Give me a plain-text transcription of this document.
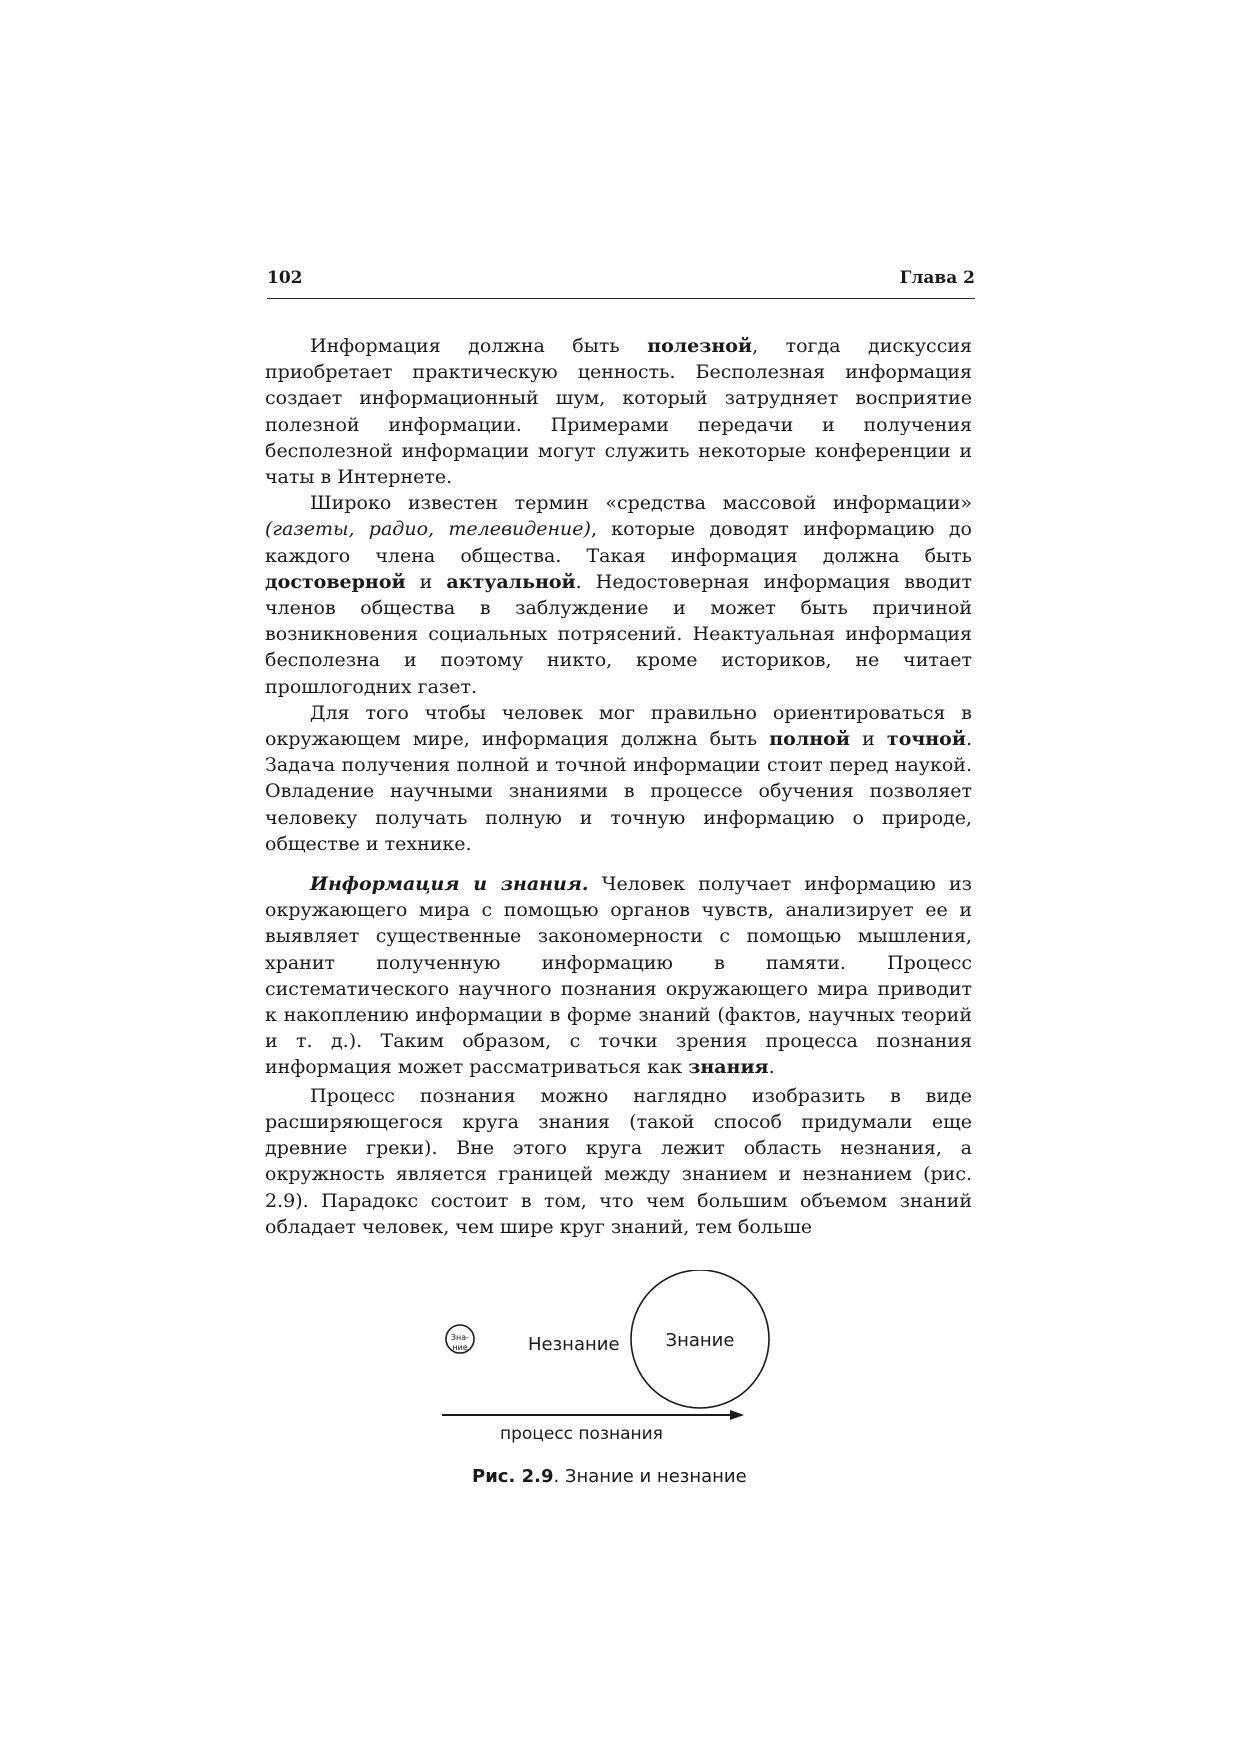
102	Глава 2

Информация должна быть полезной, тогда дискуссия приобретает практическую ценность. Бесполезная информация создает информационный шум, который затрудняет восприятие полезной информации. Примерами передачи и получения бесполезной информации могут служить некоторые конференции и чаты в Интернете.

Широко известен термин «средства массовой информации» (газеты, радио, телевидение), которые доводят информацию до каждого члена общества. Такая информация должна быть достоверной и актуальной. Недостоверная информация вводит членов общества в заблуждение и может быть причиной возникновения социальных потрясений. Неактуальная информация бесполезна и поэтому никто, кроме историков, не читает прошлогодних газет.

Для того чтобы человек мог правильно ориентироваться в окружающем мире, информация должна быть полной и точной. Задача получения полной и точной информации стоит перед наукой. Овладение научными знаниями в процессе обучения позволяет человеку получать полную и точную информацию о природе, обществе и технике.

Информация и знания. Человек получает информацию из окружающего мира с помощью органов чувств, анализирует ее и выявляет существенные закономерности с помощью мышления, хранит полученную информацию в памяти. Процесс систематического научного познания окружающего мира приводит к накоплению информации в форме знаний (фактов, научных теорий и т. д.). Таким образом, с точки зрения процесса познания информация может рассматриваться как знания.

Процесс познания можно наглядно изобразить в виде расширяющегося круга знания (такой способ придумали еще древние греки). Вне этого круга лежит область незнания, а окружность является границей между знанием и незнанием (рис. 2.9). Парадокс состоит в том, что чем большим объемом знаний обладает человек, чем шире круг знаний, тем больше

Зна-ние	Незнание	Знание
процесс познания
Рис. 2.9. Знание и незнание
